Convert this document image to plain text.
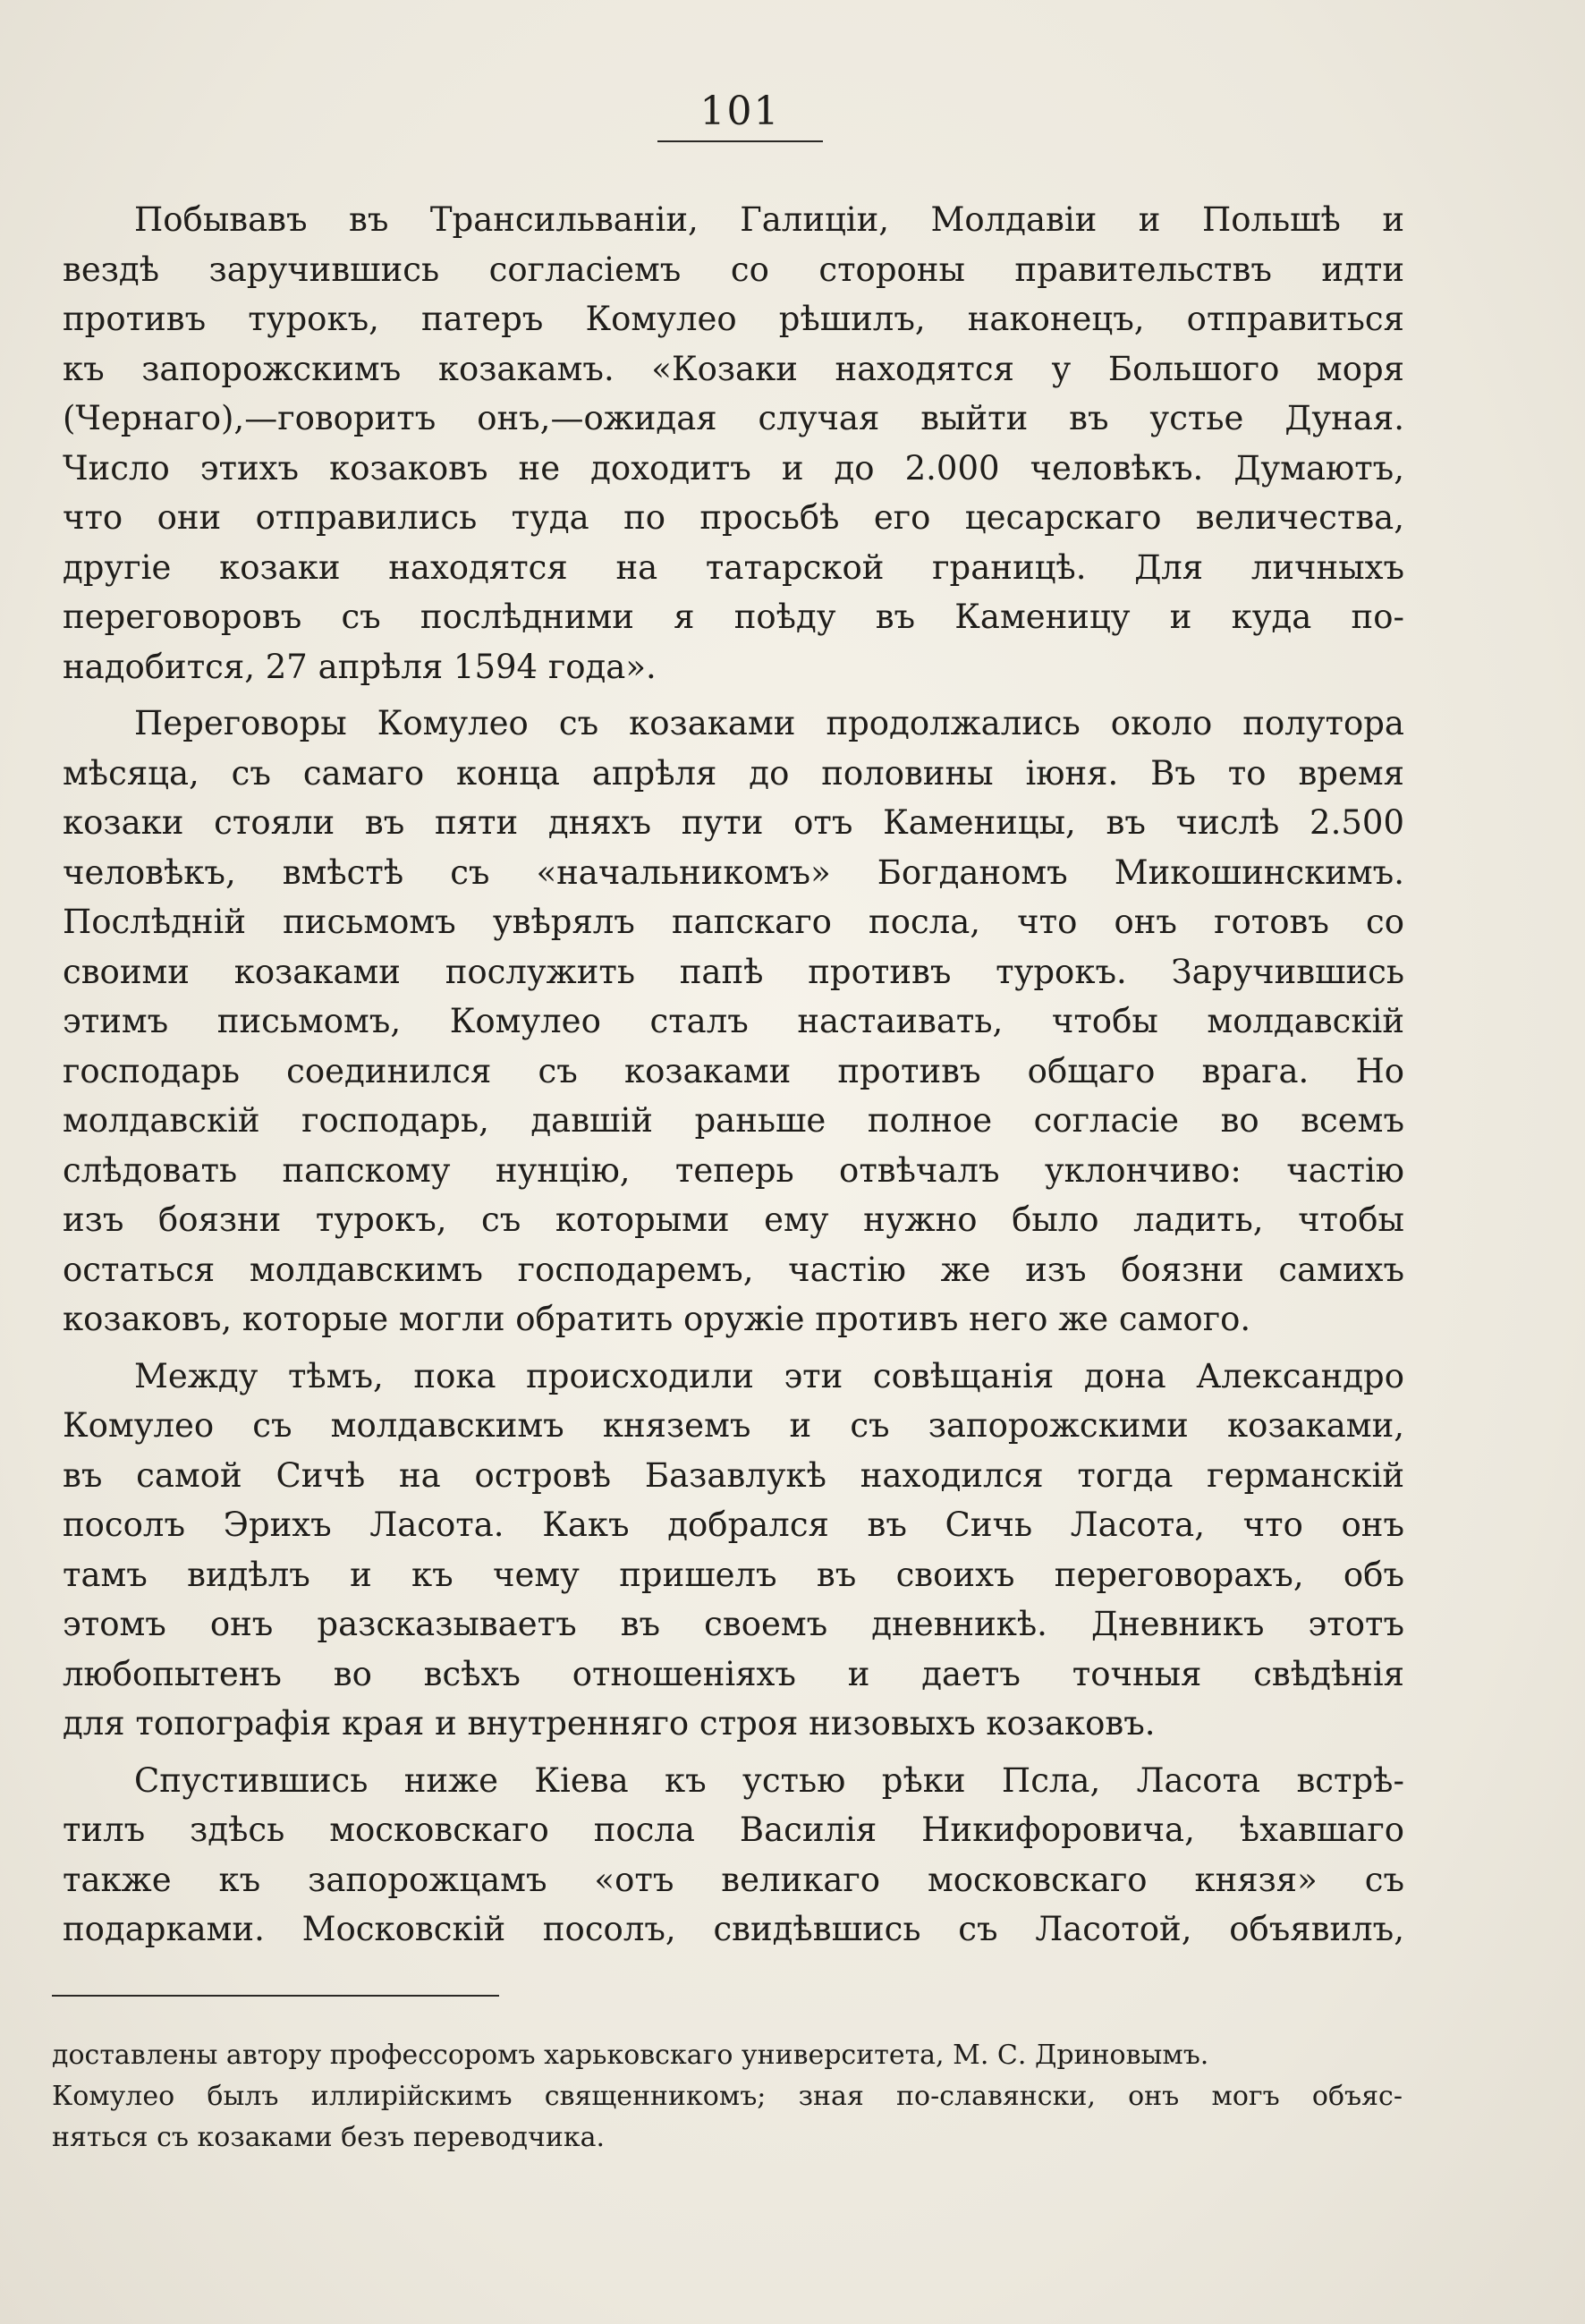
101
Побывавъ въ Трансильваніи, Галиціи, Молдавіи и Польшѣ и
вездѣ заручившись согласіемъ со стороны правительствъ идти
противъ турокъ, патеръ Комулео рѣшилъ, наконецъ, отправиться
къ запорожскимъ козакамъ. «Козаки находятся у Большого моря
(Чернаго),—говоритъ онъ,—ожидая случая выйти въ устье Дуная.
Число этихъ козаковъ не доходитъ и до 2.000 человѣкъ. Думаютъ,
что они отправились туда по просьбѣ его цесарскаго величества,
другіе козаки находятся на татарской границѣ. Для личныхъ
переговоровъ съ послѣдними я поѣду въ Каменицу и куда по-
надобится, 27 апрѣля 1594 года».
Переговоры Комулео съ козаками продолжались около полутора
мѣсяца, съ самаго конца апрѣля до половины іюня. Въ то время
козаки стояли въ пяти дняхъ пути отъ Каменицы, въ числѣ 2.500
человѣкъ, вмѣстѣ съ «начальникомъ» Богданомъ Микошинскимъ.
Послѣдній письмомъ увѣрялъ папскаго посла, что онъ готовъ со
своими козаками послужить папѣ противъ турокъ. Заручившись
этимъ письмомъ, Комулео сталъ настаивать, чтобы молдавскій
господарь соединился съ козаками противъ общаго врага. Но
молдавскій господарь, давшій раньше полное согласіе во всемъ
слѣдовать папскому нунцію, теперь отвѣчалъ уклончиво: частію
изъ боязни турокъ, съ которыми ему нужно было ладить, чтобы
остаться молдавскимъ господаремъ, частію же изъ боязни самихъ
козаковъ, которые могли обратить оружіе противъ него же самого.
Между тѣмъ, пока происходили эти совѣщанія дона Александро
Комулео съ молдавскимъ княземъ и съ запорожскими козаками,
въ самой Сичѣ на островѣ Базавлукѣ находился тогда германскій
посолъ Эрихъ Ласота. Какъ добрался въ Сичь Ласота, что онъ
тамъ видѣлъ и къ чему пришелъ въ своихъ переговорахъ, объ
этомъ онъ разсказываетъ въ своемъ дневникѣ. Дневникъ этотъ
любопытенъ во всѣхъ отношеніяхъ и даетъ точныя свѣдѣнія
для топографія края и внутренняго строя низовыхъ козаковъ.
Спустившись ниже Кіева къ устью рѣки Псла, Ласота встрѣ-
тилъ здѣсь московскаго посла Василія Никифоровича, ѣхавшаго
также къ запорожцамъ «отъ великаго московскаго князя» съ
подарками. Московскій посолъ, свидѣвшись съ Ласотой, объявилъ,
доставлены автору профессоромъ харьковскаго университета, М. С. Дриновымъ.
Комулео былъ иллирійскимъ священникомъ; зная по-славянски, онъ могъ объяс-
няться съ козаками безъ переводчика.
